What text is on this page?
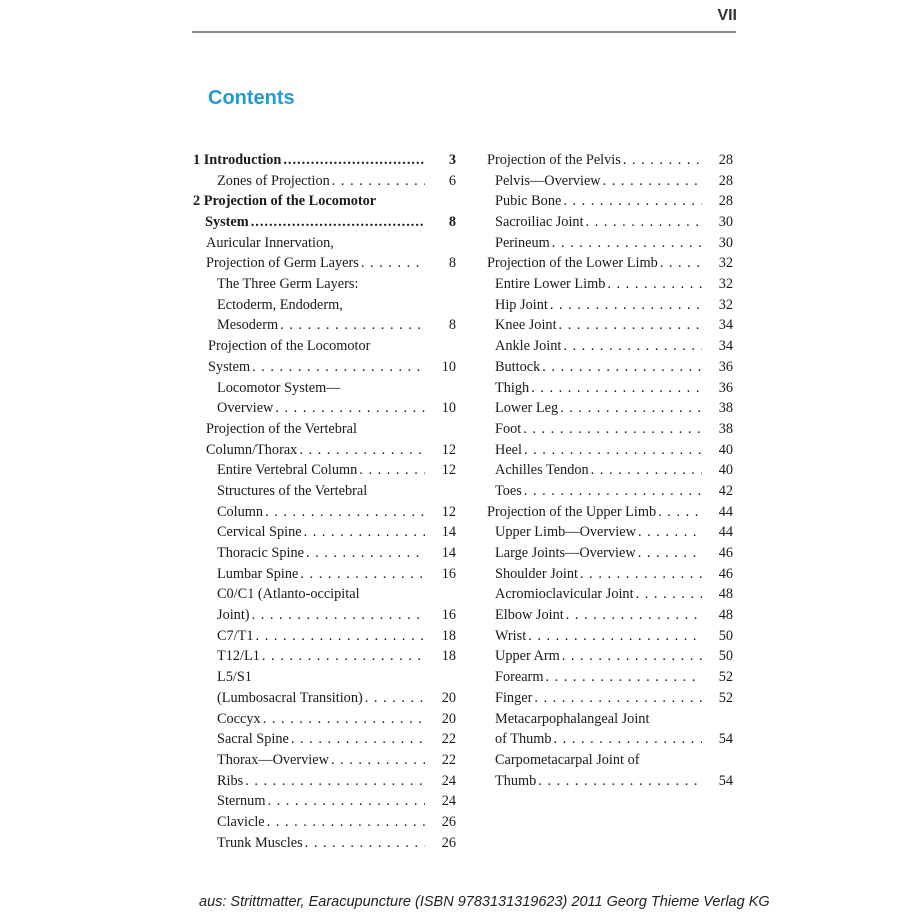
VII
Contents
1 Introduction .....	3
Zones of Projection . . .	6
2 Projection of the Locomotor
System .....	8
Auricular Innervation,
Projection of Germ Layers . . .	8
The Three Germ Layers:
Ectoderm, Endoderm,
Mesoderm . . .	8
Projection of the Locomotor
System . . .	10
Locomotor System—
Overview . . .	10
Projection of the Vertebral
Column/Thorax . . .	12
Entire Vertebral Column . . .	12
Structures of the Vertebral
Column . . .	12
Cervical Spine . . .	14
Thoracic Spine . . .	14
Lumbar Spine . . .	16
C0/C1 (Atlanto-occipital
Joint) . . .	16
C7/T1 . . .	18
T12/L1 . . .	18
L5/S1
(Lumbosacral Transition) . . .	20
Coccyx . . .	20
Sacral Spine . . .	22
Thorax—Overview . . .	22
Ribs . . .	24
Sternum . . .	24
Clavicle . . .	26
Trunk Muscles . . .	26
Projection of the Pelvis . . .	28
Pelvis—Overview . . .	28
Pubic Bone . . .	28
Sacroiliac Joint . . .	30
Perineum . . .	30
Projection of the Lower Limb . . .	32
Entire Lower Limb . . .	32
Hip Joint . . .	32
Knee Joint . . .	34
Ankle Joint . . .	34
Buttock . . .	36
Thigh . . .	36
Lower Leg . . .	38
Foot . . .	38
Heel . . .	40
Achilles Tendon . . .	40
Toes . . .	42
Projection of the Upper Limb . . .	44
Upper Limb—Overview . . .	44
Large Joints—Overview . . .	46
Shoulder Joint . . .	46
Acromioclavicular Joint . . .	48
Elbow Joint . . .	48
Wrist . . .	50
Upper Arm . . .	50
Forearm . . .	52
Finger . . .	52
Metacarpophalangeal Joint
of Thumb . . .	54
Carpometacarpal Joint of
Thumb . . .	54
aus: Strittmatter, Earacupuncture (ISBN 9783131319623) 2011 Georg Thieme Verlag KG
